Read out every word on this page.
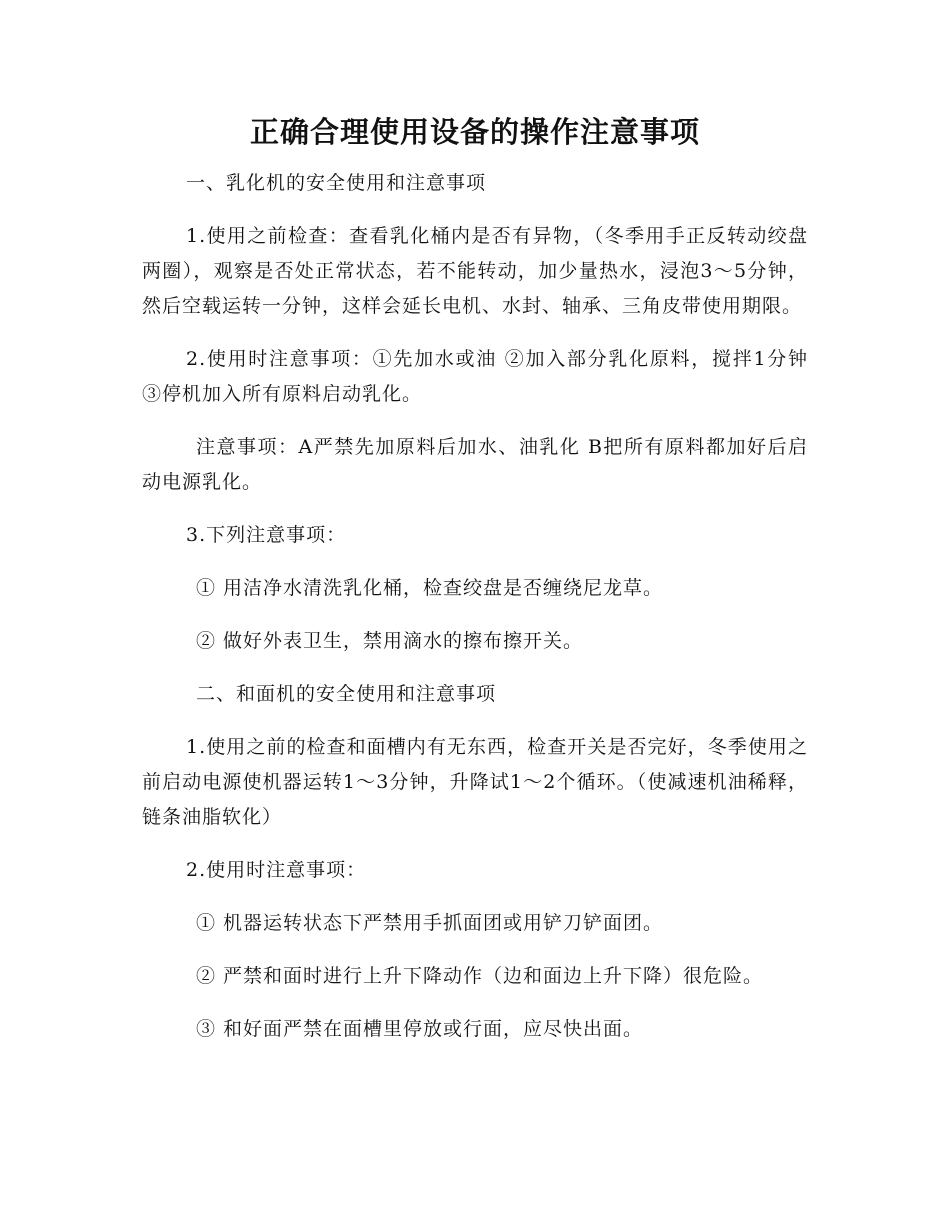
正确合理使用设备的操作注意事项

一、乳化机的安全使用和注意事项

1.使用之前检查：查看乳化桶内是否有异物，（冬季用手正反转动绞盘两圈），观察是否处正常状态，若不能转动，加少量热水，浸泡3～5分钟，然后空载运转一分钟，这样会延长电机、水封、轴承、三角皮带使用期限。

2.使用时注意事项：①先加水或油 ②加入部分乳化原料，搅拌1分钟 ③停机加入所有原料启动乳化。

注意事项：A严禁先加原料后加水、油乳化 B把所有原料都加好后启动电源乳化。

3.下列注意事项：

① 用洁净水清洗乳化桶，检查绞盘是否缠绕尼龙草。

② 做好外表卫生，禁用滴水的擦布擦开关。

二、和面机的安全使用和注意事项

1.使用之前的检查和面槽内有无东西，检查开关是否完好，冬季使用之前启动电源使机器运转1～3分钟，升降试1～2个循环。（使减速机油稀释，链条油脂软化）

2.使用时注意事项：

① 机器运转状态下严禁用手抓面团或用铲刀铲面团。

② 严禁和面时进行上升下降动作（边和面边上升下降）很危险。

③ 和好面严禁在面槽里停放或行面，应尽快出面。
